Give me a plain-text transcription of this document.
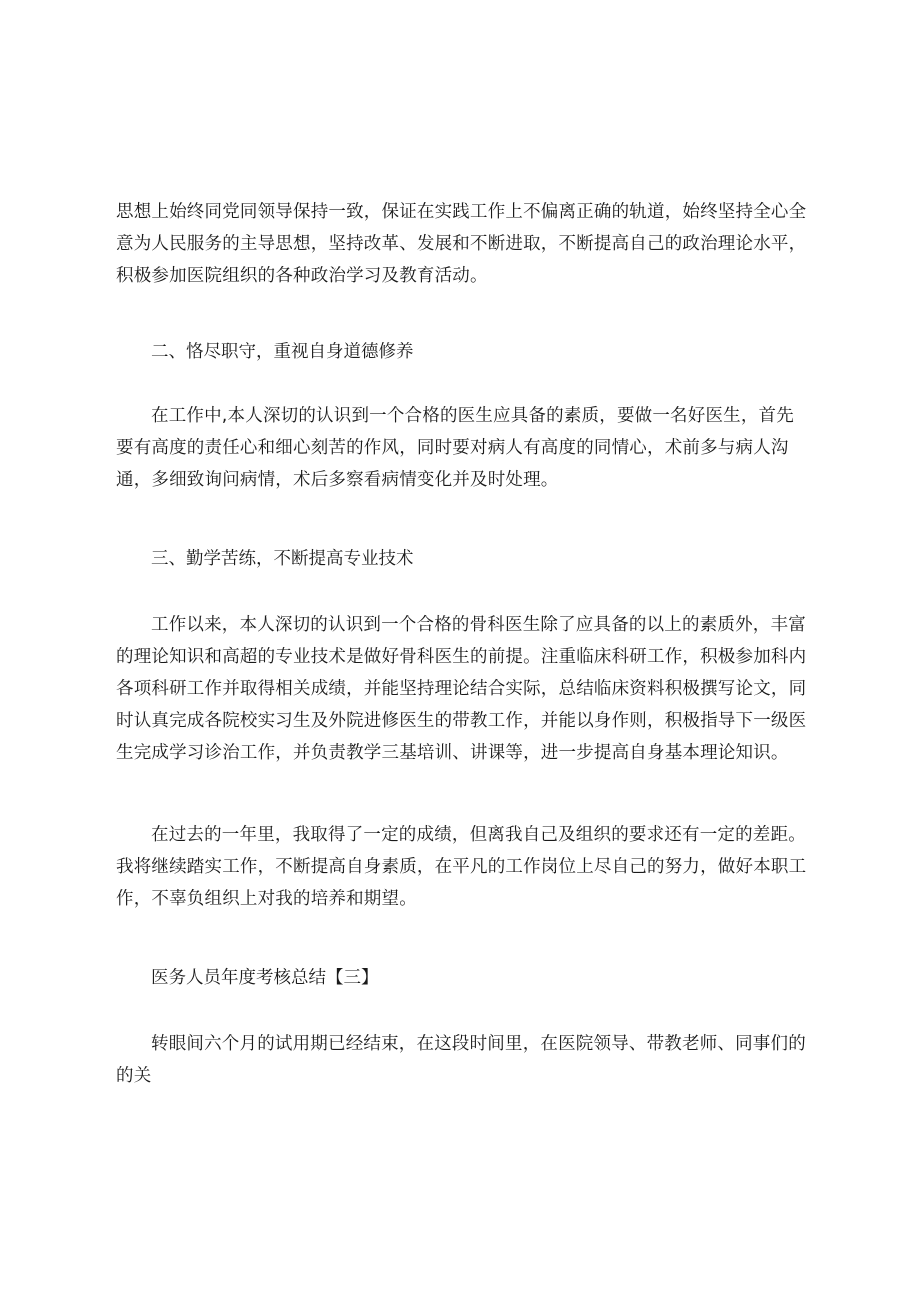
思想上始终同党同领导保持一致，保证在实践工作上不偏离正确的轨道，始终坚持全心全意为人民服务的主导思想，坚持改革、发展和不断进取，不断提高自己的政治理论水平，积极参加医院组织的各种政治学习及教育活动。

二、恪尽职守，重视自身道德修养

在工作中,本人深切的认识到一个合格的医生应具备的素质，要做一名好医生，首先要有高度的责任心和细心刻苦的作风，同时要对病人有高度的同情心，术前多与病人沟通，多细致询问病情，术后多察看病情变化并及时处理。

三、勤学苦练，不断提高专业技术

工作以来，本人深切的认识到一个合格的骨科医生除了应具备的以上的素质外，丰富的理论知识和高超的专业技术是做好骨科医生的前提。注重临床科研工作，积极参加科内各项科研工作并取得相关成绩，并能坚持理论结合实际，总结临床资料积极撰写论文，同时认真完成各院校实习生及外院进修医生的带教工作，并能以身作则，积极指导下一级医生完成学习诊治工作，并负责教学三基培训、讲课等，进一步提高自身基本理论知识。

在过去的一年里，我取得了一定的成绩，但离我自己及组织的要求还有一定的差距。我将继续踏实工作，不断提高自身素质，在平凡的工作岗位上尽自己的努力，做好本职工作，不辜负组织上对我的培养和期望。

医务人员年度考核总结【三】

转眼间六个月的试用期已经结束，在这段时间里，在医院领导、带教老师、同事们的的关
